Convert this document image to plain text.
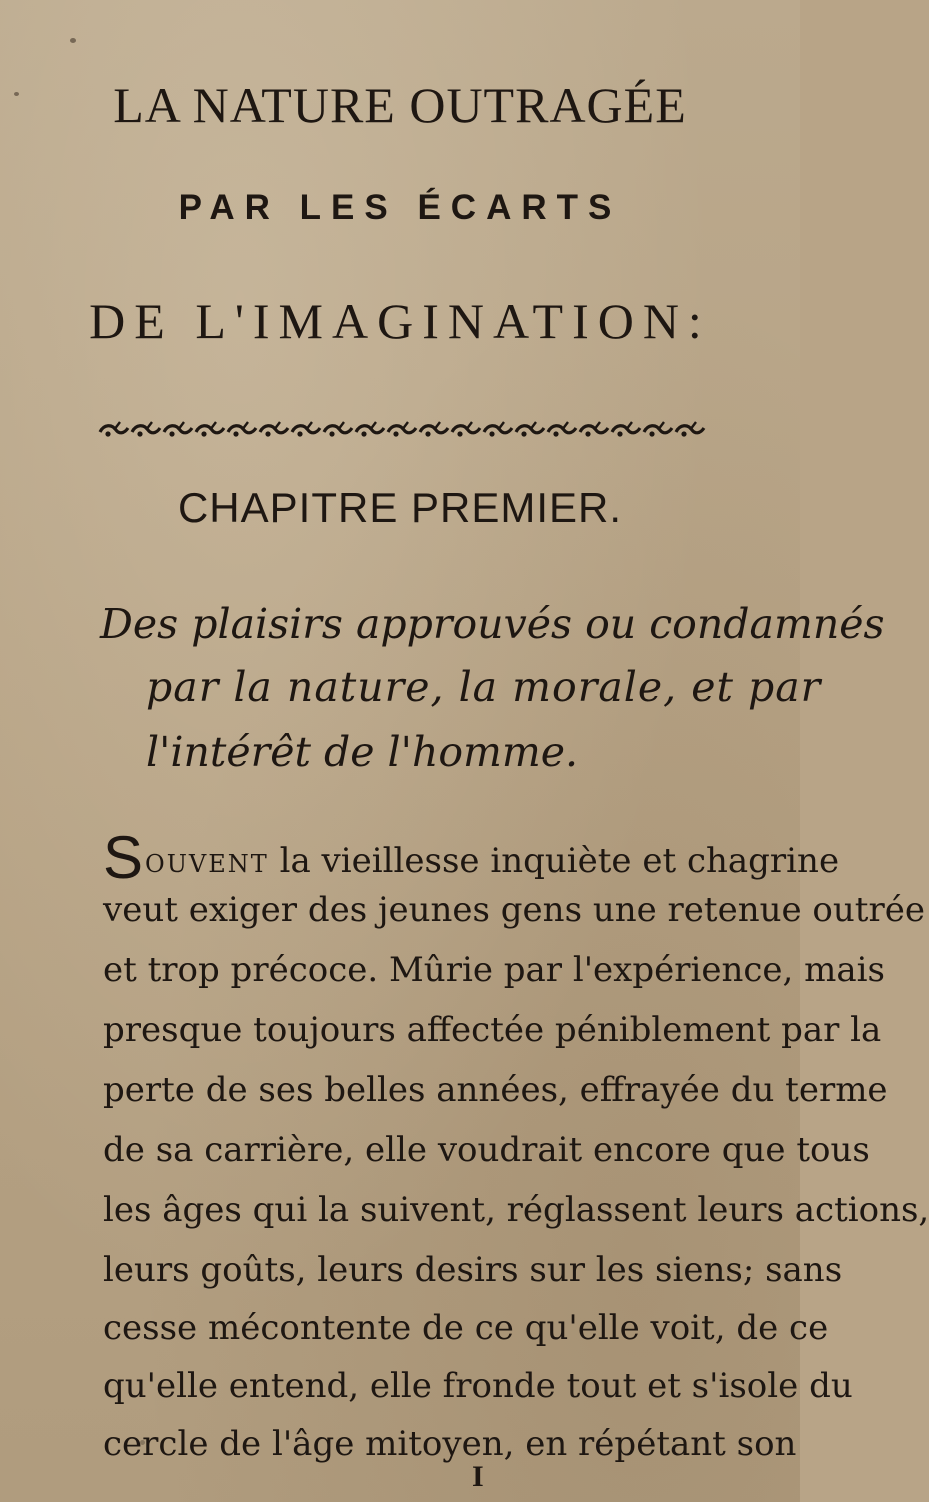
LA NATURE OUTRAGÉE
PAR LES ÉCARTS
DE L'IMAGINATION:
CHAPITRE PREMIER.
Des plaisirs approuvés ou condamnés
par la nature, la morale, et par
l'intérêt de l'homme.
SOUVENT la vieillesse inquiète et chagrine
veut exiger des jeunes gens une retenue outrée
et trop précoce. Mûrie par l'expérience, mais
presque toujours affectée péniblement par la
perte de ses belles années, effrayée du terme
de sa carrière, elle voudrait encore que tous
les âges qui la suivent, réglassent leurs actions,
leurs goûts, leurs desirs sur les siens; sans
cesse mécontente de ce qu'elle voit, de ce
qu'elle entend, elle fronde tout et s'isole du
cercle de l'âge mitoyen, en répétant son
I
